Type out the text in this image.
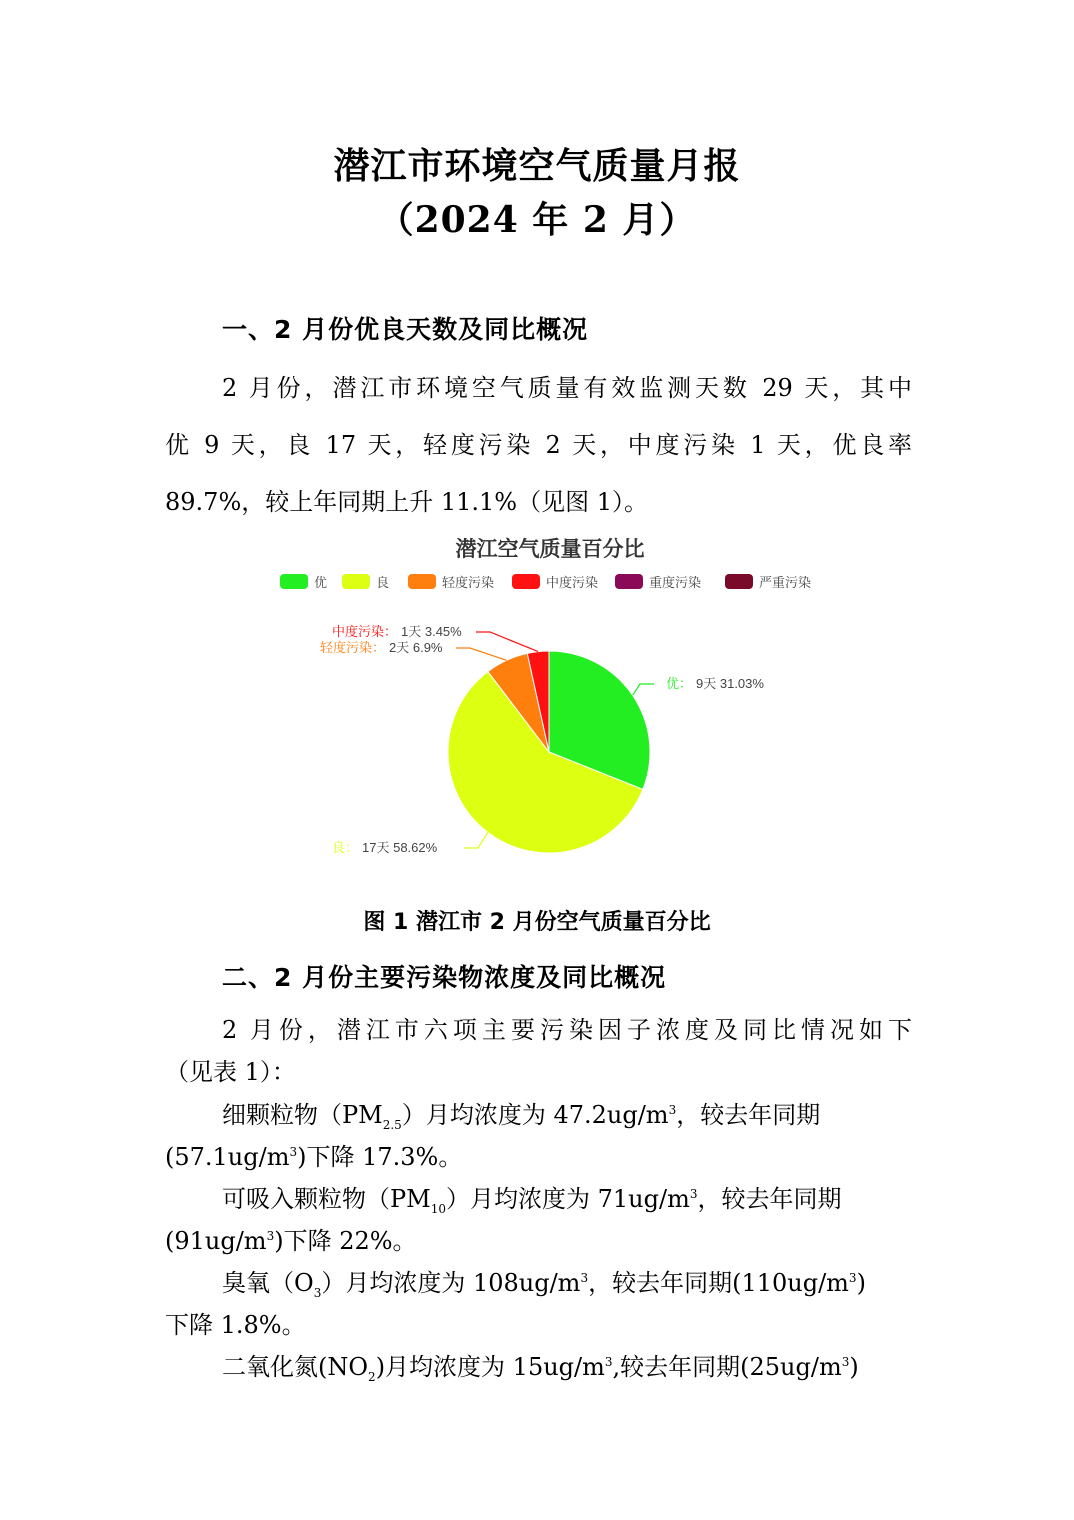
潜江市环境空气质量月报
（2024 年 2 月）
一、2 月份优良天数及同比概况
2 月份，潜江市环境空气质量有效监测天数 29 天，其中
优 9 天，良 17 天，轻度污染 2 天，中度污染 1 天，优良率
89.7%，较上年同期上升 11.1%（见图 1）。
潜江空气质量百分比
优	良	轻度污染	中度污染	重度污染	严重污染
优： 9天 31.03%
良： 17天 58.62%
轻度污染： 2天 6.9%
中度污染： 1天 3.45%
图 1 潜江市 2 月份空气质量百分比
二、2 月份主要污染物浓度及同比概况
2 月份，潜江市六项主要污染因子浓度及同比情况如下
（见表 1）：
细颗粒物$(PM_{2.5})$月均浓度为 $47.2ug/m^3$，较去年同期
$(57.1ug/m^3)$下降 17.3%。
可吸入颗粒物$(PM_{10})$月均浓度为 $71ug/m^3$，较去年同期
$(91ug/m^3)$下降 22%。
臭氧$(O_3)$月均浓度为 $108ug/m^3$，较去年同期$(110ug/m^3)$
下降 1.8%。
二氧化氮$(NO_2)$月均浓度为 $15ug/m^3$,较去年同期$(25ug/m^3)$
